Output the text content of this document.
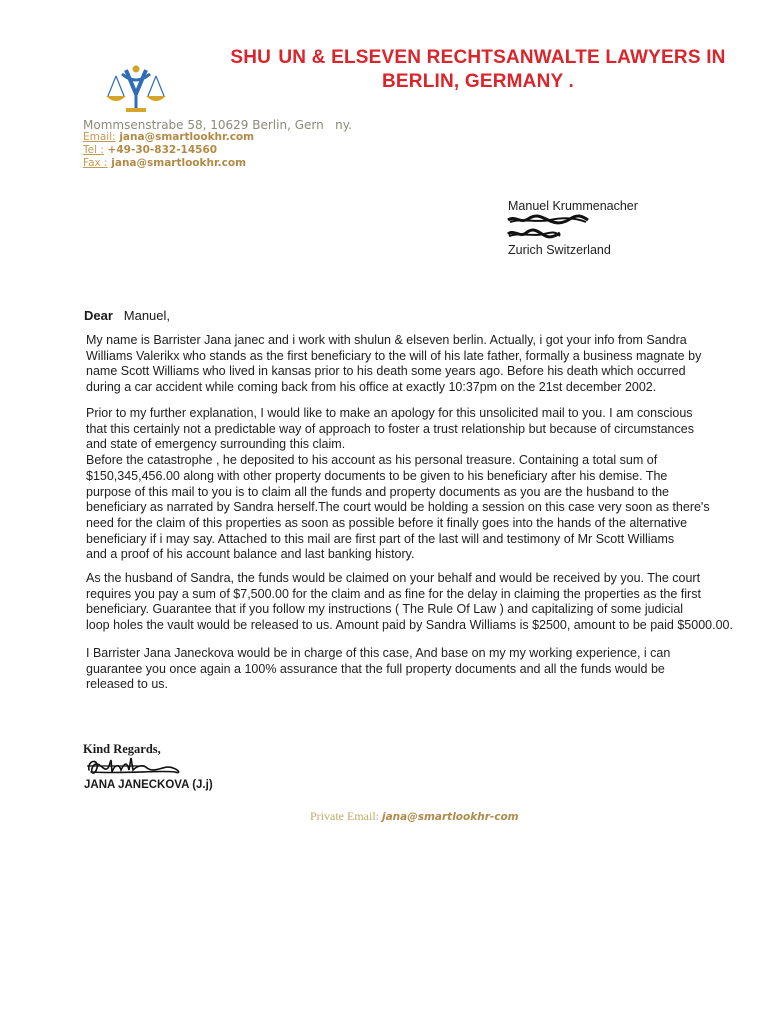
SHU  UN & ELSEVEN RECHTSANWALTE LAWYERS IN
BERLIN, GERMANY .
Mommsenstrabe 58, 10629 Berlin, Gern   ny.
Email: jana@smartlookhr.com
Tel : +49-30-832-14560
Fax : jana@smartlookhr.com
Manuel Krummenacher
Zurich Switzerland
Dear Manuel,
My name is Barrister Jana janec and i work with shulun & elseven berlin. Actually, i got your info from Sandra
Williams Valerikx who stands as the first beneficiary to the will of his late father, formally a business magnate by
name Scott Williams who lived in kansas prior to his death some years ago. Before his death which occurred
during a car accident while coming back from his office at exactly 10:37pm on the 21st december 2002.
Prior to my further explanation, I would like to make an apology for this unsolicited mail to you. I am conscious
that this certainly not a predictable way of approach to foster a trust relationship but because of circumstances
and state of emergency surrounding this claim.
Before the catastrophe , he deposited to his account as his personal treasure. Containing a total sum of
$150,345,456.00 along with other property documents to be given to his beneficiary after his demise. The
purpose of this mail to you is to claim all the funds and property documents as you are the husband to the
beneficiary as narrated by Sandra herself.The court would be holding a session on this case very soon as there's
need for the claim of this properties as soon as possible before it finally goes into the hands of the alternative
beneficiary if i may say. Attached to this mail are first part of the last will and testimony of Mr Scott Williams
and a proof of his account balance and last banking history.
As the husband of Sandra, the funds would be claimed on your behalf and would be received by you. The court
requires you pay a sum of $7,500.00 for the claim and as fine for the delay in claiming the properties as the first
beneficiary. Guarantee that if you follow my instructions ( The Rule Of Law ) and capitalizing of some judicial
loop holes the vault would be released to us. Amount paid by Sandra Williams is $2500, amount to be paid $5000.00.
I Barrister Jana Janeckova would be in charge of this case, And base on my my working experience, i can
guarantee you once again a 100% assurance that the full property documents and all the funds would be
released to us.
Kind Regards,
JANA JANECKOVA (J.j)
Private Email: jana@smartlookhr-com
